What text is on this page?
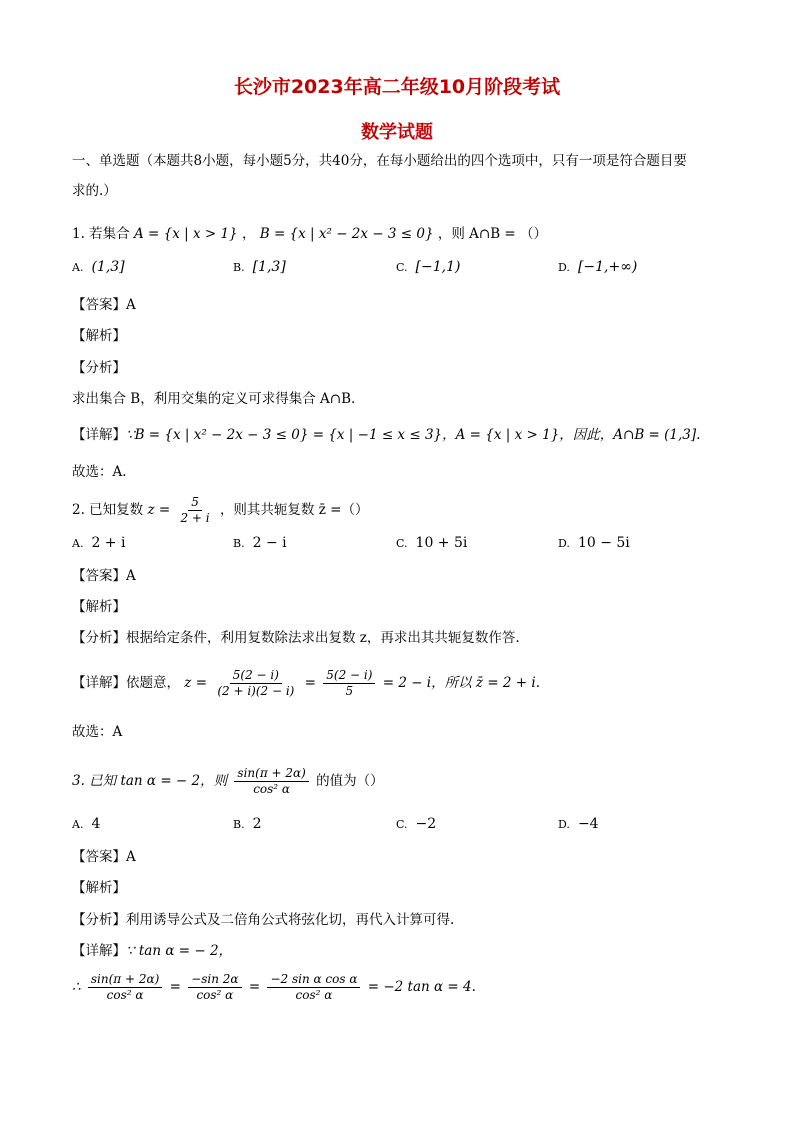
长沙市2023年高二年级10月阶段考试
数学试题
一、单选题（本题共8小题，每小题5分，共40分，在每小题给出的四个选项中，只有一项是符合题目要
求的.）
1. 若集合 A = {x | x > 1} ， B = {x | x² − 2x − 3 ≤ 0} ，则 A∩B = （）
A. (1,3]	B. [1,3]	C. [−1,1)	D. [−1,+∞)
【答案】A
【解析】
【分析】
求出集合 B，利用交集的定义可求得集合 A∩B.
【详解】∵B = {x | x² − 2x − 3 ≤ 0} = {x | −1 ≤ x ≤ 3}，A = {x | x > 1}，因此，A∩B = (1,3].
故选：A.
2. 已知复数 $z = \frac{5}{2 + i}$ ，则其共轭复数 z̄ =（）
A. 2 + i	B. 2 − i	C. 10 + 5i	D. 10 − 5i
【答案】A
【解析】
【分析】根据给定条件，利用复数除法求出复数 z，再求出其共轭复数作答.
【详解】依题意， $z = \frac{5(2 - i)}{(2 + i)(2 - i)} = \frac{5(2 - i)}{5} = 2 - i$，所以 z̄ = 2 + i.
故选：A
3. 已知 tan α = − 2，则 $\frac{\sin(\pi + 2\alpha)}{\text{cos² α}}$ 的值为（）
A. 4	B. 2	C. −2	D. −4
【答案】A
【解析】
【分析】利用诱导公式及二倍角公式将弦化切，再代入计算可得.
【详解】∵ tan α = − 2，
∴ $\frac{\sin(\pi + 2\alpha)}{\text{cos² α}} = \frac{-\sin 2\alpha}{\text{cos² α}} = \frac{\text{−2 sin α cos α}}{\text{cos² α}} = -2$ tan α = 4.
